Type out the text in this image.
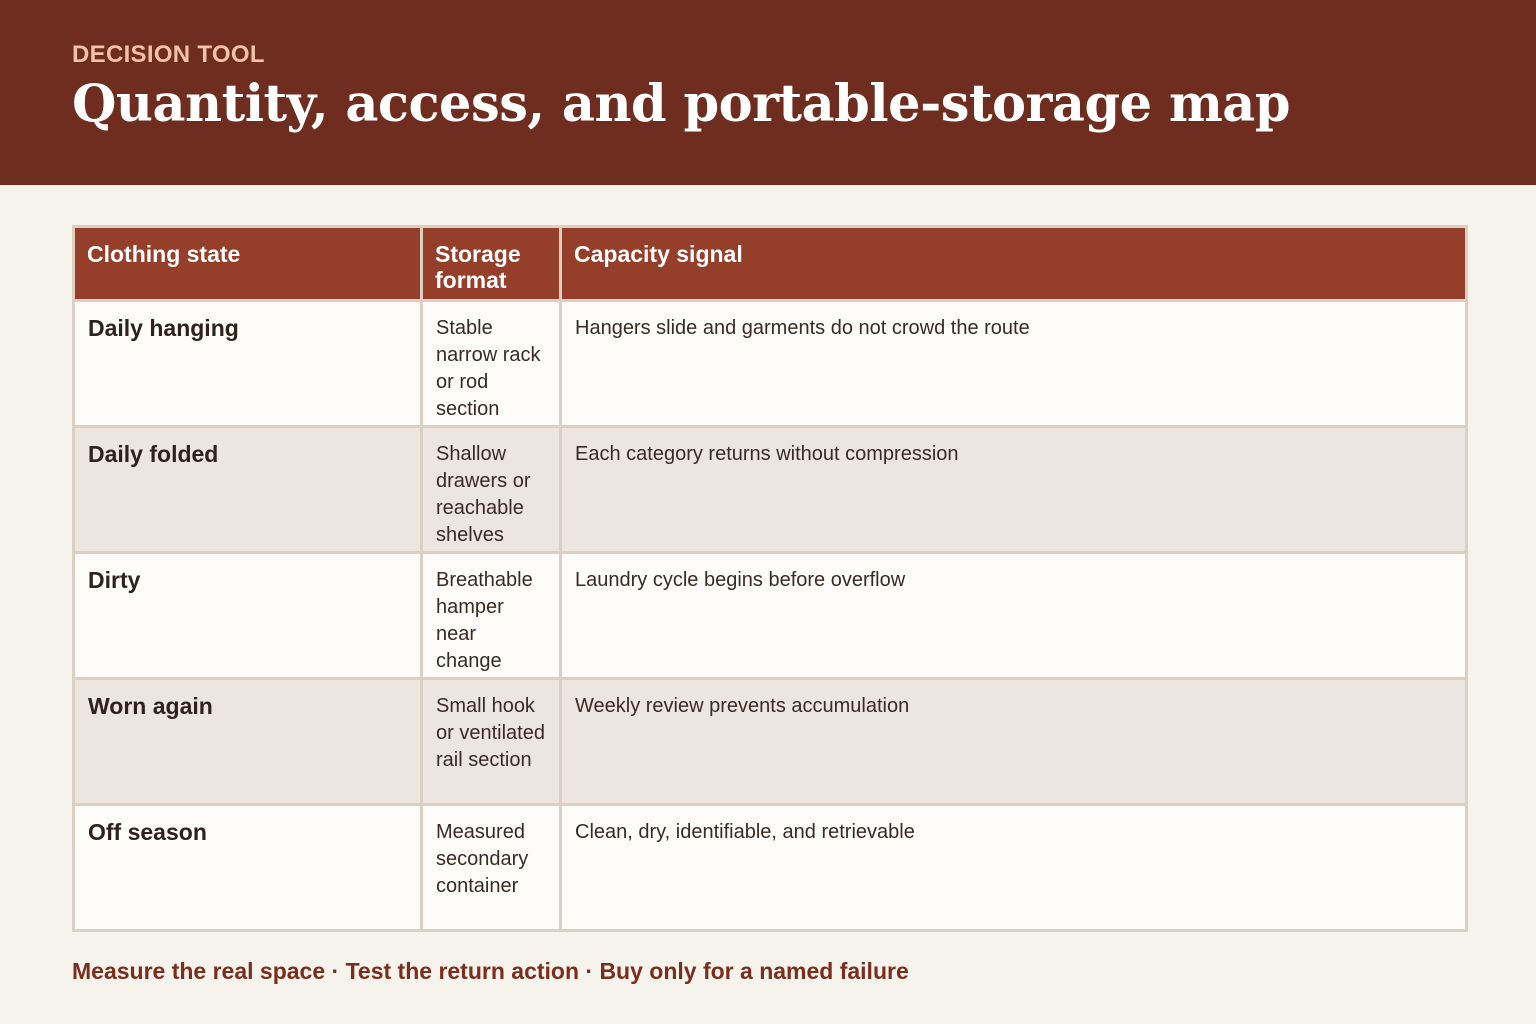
DECISION TOOL
Quantity, access, and portable-storage map
Clothing state	Storage format	Capacity signal
Daily hanging	Stable narrow rack or rod section	Hangers slide and garments do not crowd the route
Daily folded	Shallow drawers or reachable shelves	Each category returns without compression
Dirty	Breathable hamper near change	Laundry cycle begins before overflow
Worn again	Small hook or ventilated rail section	Weekly review prevents accumulation
Off season	Measured secondary container	Clean, dry, identifiable, and retrievable
Measure the real space · Test the return action · Buy only for a named failure
